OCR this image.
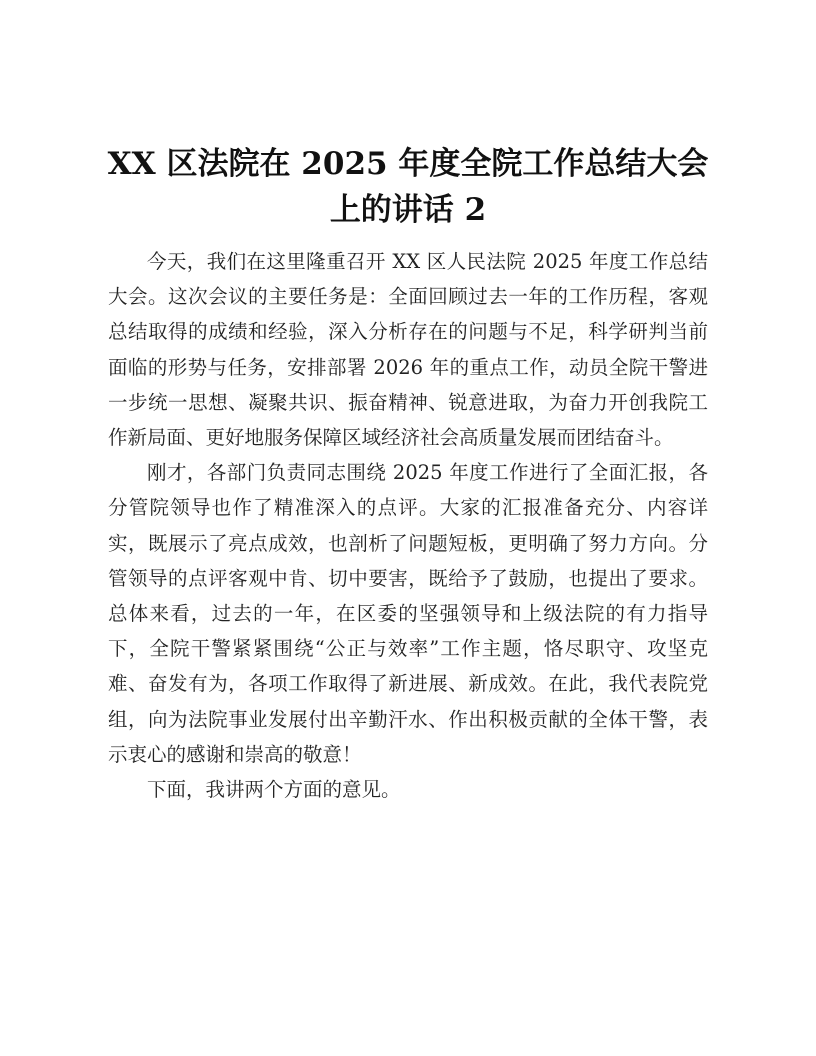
XX 区法院在 2025 年度全院工作总结大会上的讲话 2

今天，我们在这里隆重召开 XX 区人民法院 2025 年度工作总结大会。这次会议的主要任务是：全面回顾过去一年的工作历程，客观总结取得的成绩和经验，深入分析存在的问题与不足，科学研判当前面临的形势与任务，安排部署 2026 年的重点工作，动员全院干警进一步统一思想、凝聚共识、振奋精神、锐意进取，为奋力开创我院工作新局面、更好地服务保障区域经济社会高质量发展而团结奋斗。

刚才，各部门负责同志围绕 2025 年度工作进行了全面汇报，各分管院领导也作了精准深入的点评。大家的汇报准备充分、内容详实，既展示了亮点成效，也剖析了问题短板，更明确了努力方向。分管领导的点评客观中肯、切中要害，既给予了鼓励，也提出了要求。总体来看，过去的一年，在区委的坚强领导和上级法院的有力指导下，全院干警紧紧围绕“公正与效率”工作主题，恪尽职守、攻坚克难、奋发有为，各项工作取得了新进展、新成效。在此，我代表院党组，向为法院事业发展付出辛勤汗水、作出积极贡献的全体干警，表示衷心的感谢和崇高的敬意！

下面，我讲两个方面的意见。
